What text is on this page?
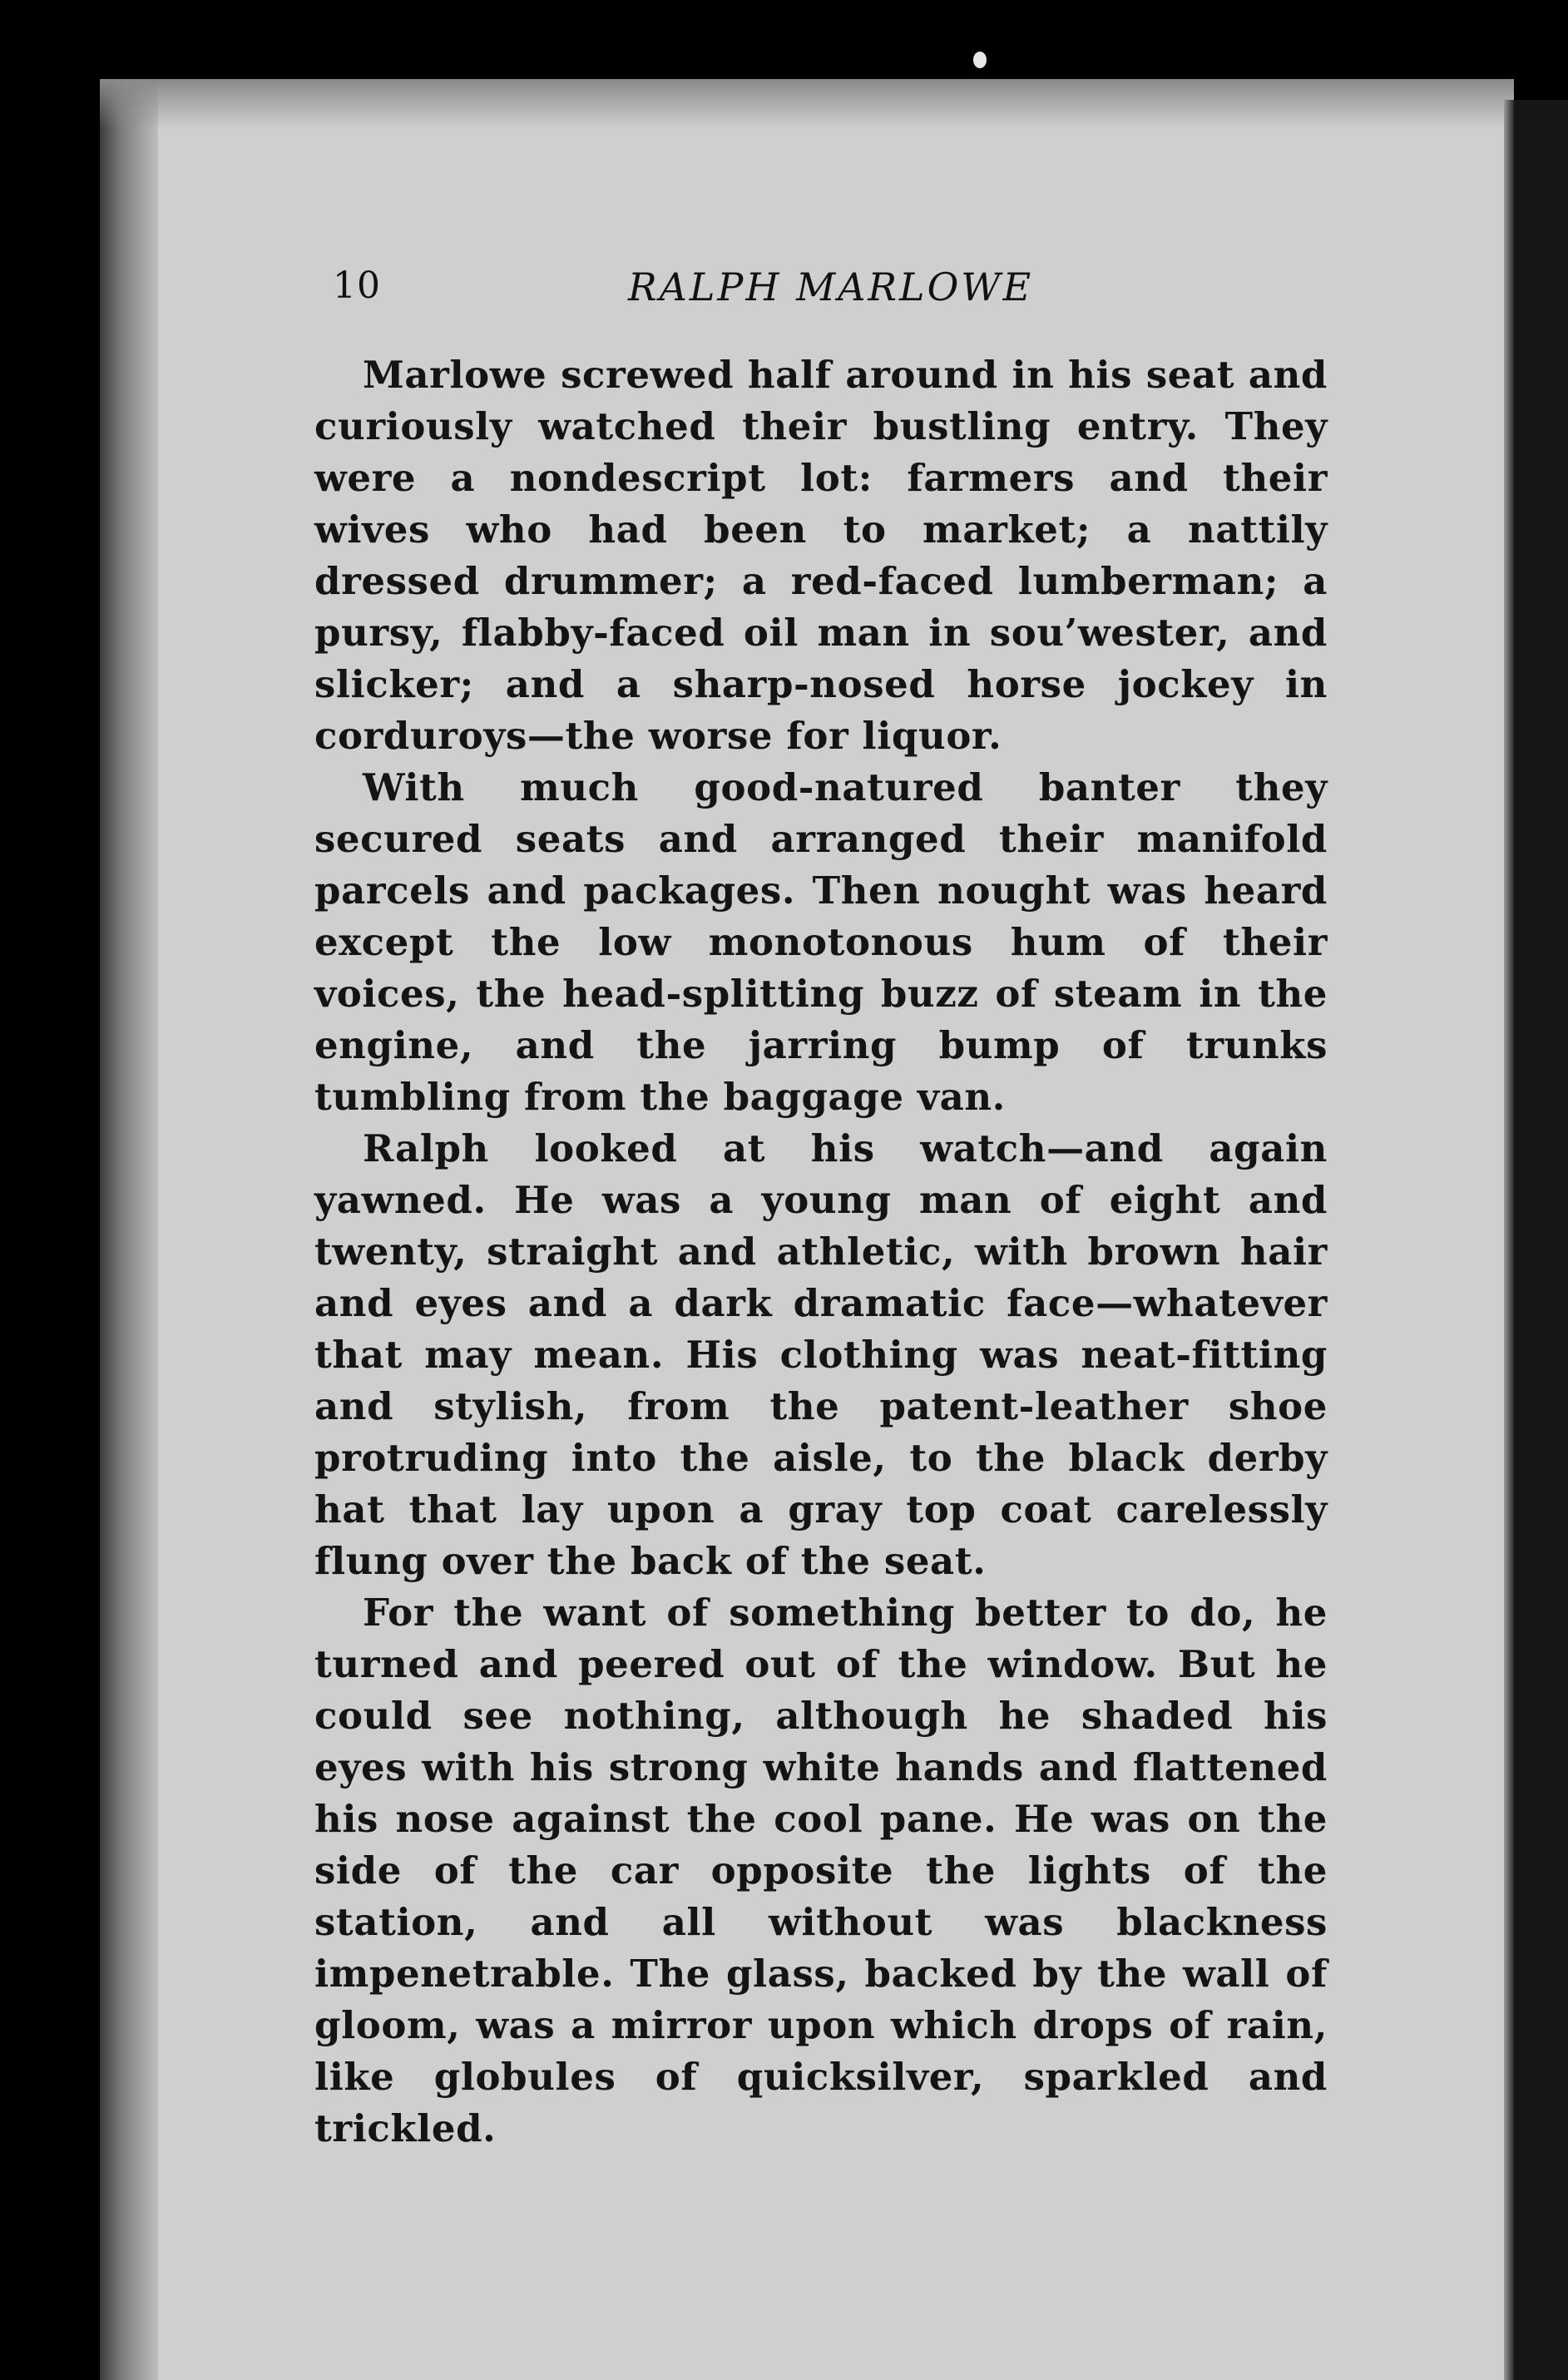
10	RALPH MARLOWE

Marlowe screwed half around in his seat and curiously watched their bustling entry. They were a nondescript lot: farmers and their wives who had been to market; a nattily dressed drummer; a red-faced lumberman; a pursy, flabby-faced oil man in sou’wester, and slicker; and a sharp-nosed horse jockey in corduroys—the worse for liquor.

With much good-natured banter they secured seats and arranged their manifold parcels and packages. Then nought was heard except the low monotonous hum of their voices, the head-splitting buzz of steam in the engine, and the jarring bump of trunks tumbling from the baggage van.

Ralph looked at his watch—and again yawned. He was a young man of eight and twenty, straight and athletic, with brown hair and eyes and a dark dramatic face—whatever that may mean. His clothing was neat-fitting and stylish, from the patent-leather shoe protruding into the aisle, to the black derby hat that lay upon a gray top coat carelessly flung over the back of the seat.

For the want of something better to do, he turned and peered out of the window. But he could see nothing, although he shaded his eyes with his strong white hands and flattened his nose against the cool pane. He was on the side of the car opposite the lights of the station, and all without was blackness impenetrable. The glass, backed by the wall of gloom, was a mirror upon which drops of rain, like globules of quicksilver, sparkled and trickled.
